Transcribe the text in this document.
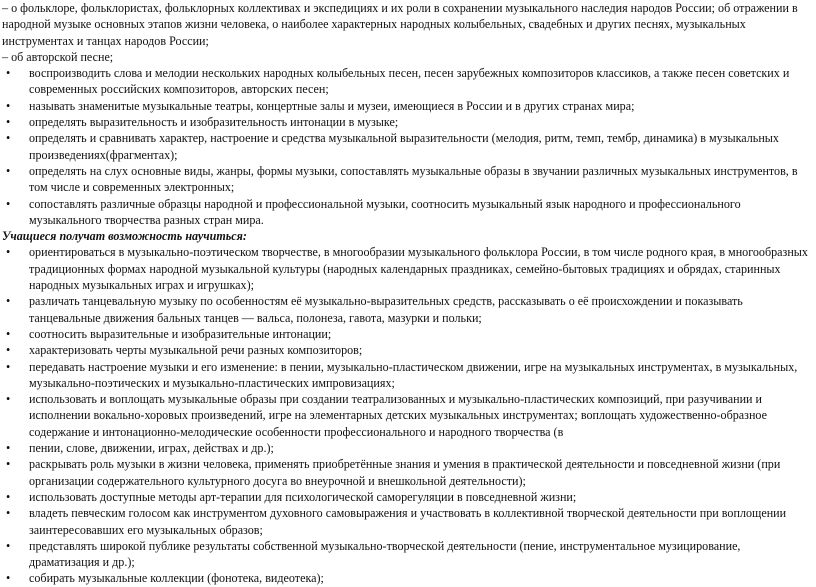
– о фольклоре, фольклористах, фольклорных коллективах и экспедициях и их роли в сохранении музыкального наследия народов России; об отражении в народной музыке основных этапов жизни человека, о наиболее характерных народных колыбельных, свадебных и других песнях, музыкальных инструментах и танцах народов России;

– об авторской песне;

•	воспроизводить слова и мелодии нескольких народных колыбельных песен, песен зарубежных композиторов классиков, а также песен советских и современных российских композиторов, авторских песен;
•	называть знаменитые музыкальные театры, концертные залы и музеи, имеющиеся в России и в других странах мира;
•	определять выразительность и изобразительность интонации в музыке;
•	определять и сравнивать характер, настроение и средства музыкальной выразительности (мелодия, ритм, темп, тембр, динамика) в музыкальных произведениях(фрагментах);
•	определять на слух основные виды, жанры, формы музыки, сопоставлять музыкальные образы в звучании различных музыкальных инструментов, в том числе и современных электронных;
•	сопоставлять различные образцы народной и профессиональной музыки, соотносить музыкальный язык народного и профессионального музыкального творчества разных стран мира.

Учащиеся получат возможность научиться:

•	ориентироваться в музыкально-поэтическом творчестве, в многообразии музыкального фольклора России, в том числе родного края, в многообразных традиционных формах народной музыкальной культуры (народных календарных праздниках, семейно-бытовых традициях и обрядах, старинных народных музыкальных играх и игрушках);
•	различать танцевальную музыку по особенностям её музыкально-выразительных средств, рассказывать о её происхождении и показывать танцевальные движения бальных танцев — вальса, полонеза, гавота, мазурки и польки;
•	соотносить выразительные и изобразительные интонации;
•	характеризовать черты музыкальной речи разных композиторов;
•	передавать настроение музыки и его изменение: в пении, музыкально-пластическом движении, игре на музыкальных инструментах, в музыкальных, музыкально-поэтических и музыкально-пластических импровизациях;
•	использовать и воплощать музыкальные образы при создании театрализованных и музыкально-пластических композиций, при разучивании и исполнении вокально-хоровых произведений, игре на элементарных детских музыкальных инструментах; воплощать художественно-образное содержание и интонационно-мелодические особенности профессионального и народного творчества (в
•	пении, слове, движении, играх, действах и др.);
•	раскрывать роль музыки в жизни человека, применять приобретённые знания и умения в практической деятельности и повседневной жизни (при организации содержательного культурного досуга во внеурочной и внешкольной деятельности);
•	использовать доступные методы арт-терапии для психологической саморегуляции в повседневной жизни;
•	владеть певческим голосом как инструментом духовного самовыражения и участвовать в коллективной творческой деятельности при воплощении заинтересовавших его музыкальных образов;
•	представлять широкой публике результаты собственной музыкально-творческой деятельности (пение, инструментальное музицирование, драматизация и др.);
•	собирать музыкальные коллекции (фонотека, видеотека);
